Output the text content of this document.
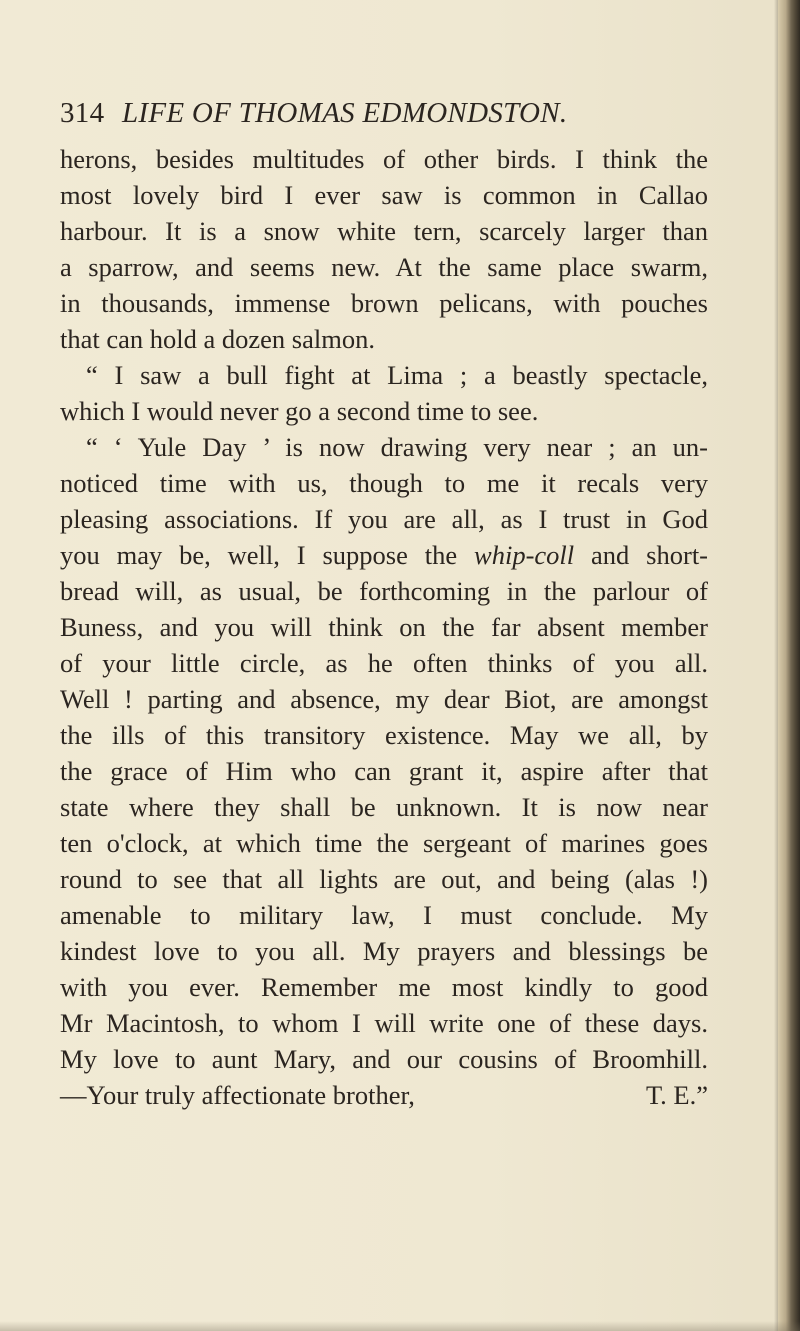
314 LIFE OF THOMAS EDMONDSTON.
herons, besides multitudes of other birds. I think the
most lovely bird I ever saw is common in Callao
harbour. It is a snow white tern, scarcely larger than
a sparrow, and seems new. At the same place swarm,
in thousands, immense brown pelicans, with pouches
that can hold a dozen salmon.
“ I saw a bull fight at Lima ; a beastly spectacle,
which I would never go a second time to see.
“ ‘ Yule Day ’ is now drawing very near ; an un-
noticed time with us, though to me it recals very
pleasing associations. If you are all, as I trust in God
you may be, well, I suppose the whip-coll and short-
bread will, as usual, be forthcoming in the parlour of
Buness, and you will think on the far absent member
of your little circle, as he often thinks of you all.
Well ! parting and absence, my dear Biot, are amongst
the ills of this transitory existence. May we all, by
the grace of Him who can grant it, aspire after that
state where they shall be unknown. It is now near
ten o'clock, at which time the sergeant of marines goes
round to see that all lights are out, and being (alas !)
amenable to military law, I must conclude. My
kindest love to you all. My prayers and blessings be
with you ever. Remember me most kindly to good
Mr Macintosh, to whom I will write one of these days.
My love to aunt Mary, and our cousins of Broomhill.
—Your truly affectionate brother,	T. E.”
